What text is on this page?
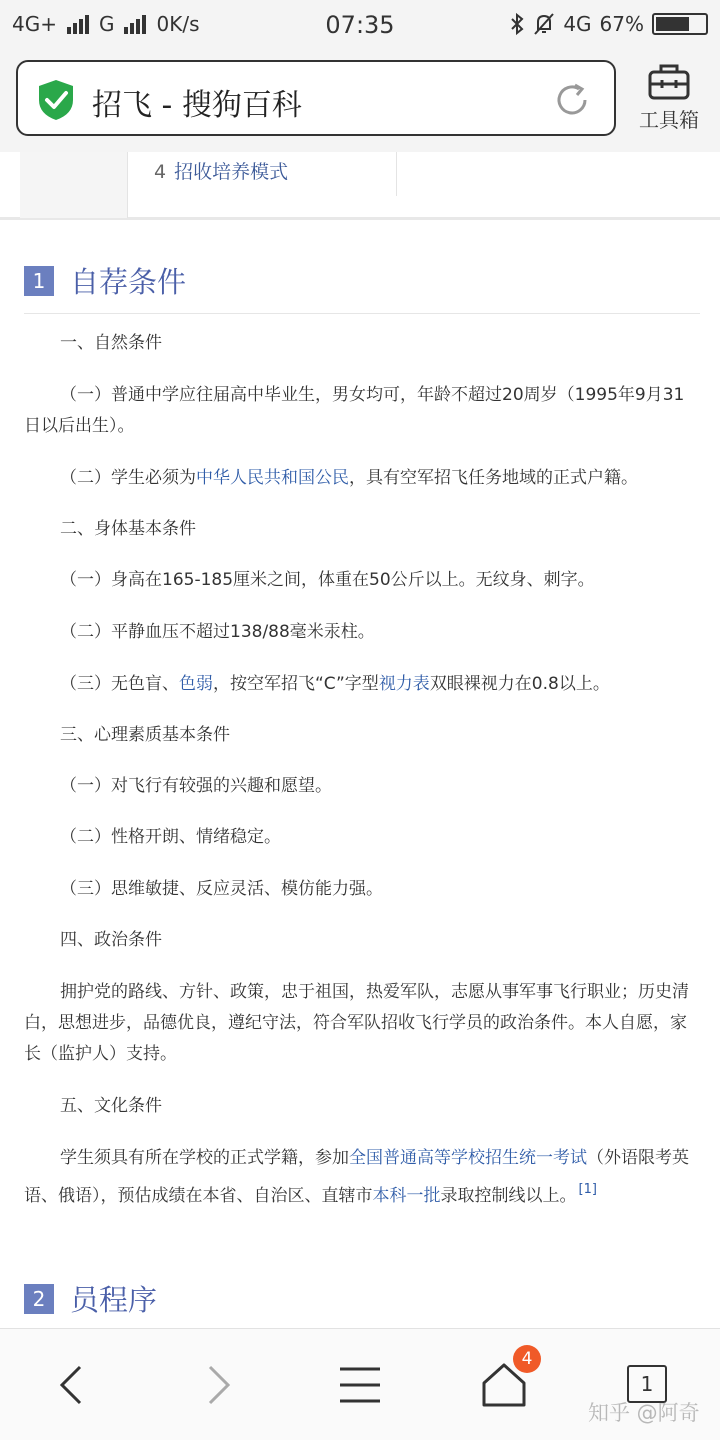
4G+ G 0K/s	07:35	4G 67%
招飞 - 搜狗百科	工具箱
4 招收培养模式
1 自荐条件
一、自然条件
（一）普通中学应往届高中毕业生，男女均可，年龄不超过20周岁（1995年9月31日以后出生）。
（二）学生必须为中华人民共和国公民，具有空军招飞任务地域的正式户籍。
二、身体基本条件
（一）身高在165-185厘米之间，体重在50公斤以上。无纹身、刺字。
（二）平静血压不超过138/88毫米汞柱。
（三）无色盲、色弱，按空军招飞“C”字型视力表双眼裸视力在0.8以上。
三、心理素质基本条件
（一）对飞行有较强的兴趣和愿望。
（二）性格开朗、情绪稳定。
（三）思维敏捷、反应灵活、模仿能力强。
四、政治条件
拥护党的路线、方针、政策，忠于祖国，热爱军队，志愿从事军事飞行职业；历史清白，思想进步，品德优良，遵纪守法，符合军队招收飞行学员的政治条件。本人自愿，家长（监护人）支持。
五、文化条件
学生须具有所在学校的正式学籍，参加全国普通高等学校招生统一考试（外语限考英语、俄语），预估成绩在本省、自治区、直辖市本科一批录取控制线以上。 [1]
2 员程序
4
1
知乎 @阿奇
